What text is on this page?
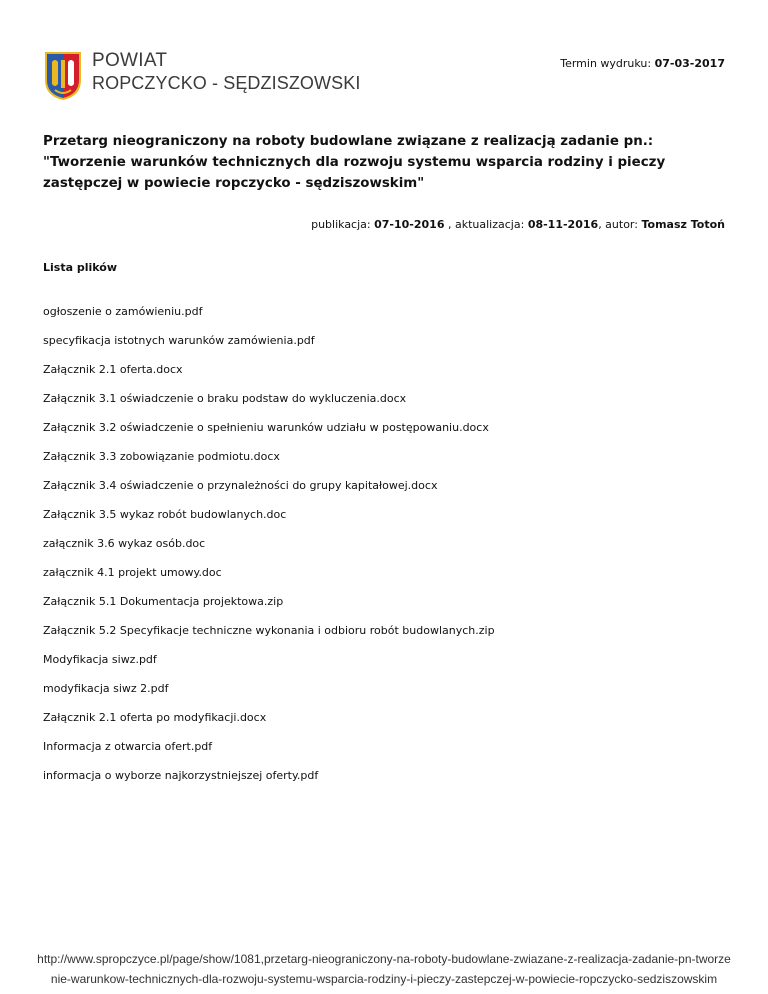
POWIAT
ROPCZYCKO - SĘDZISZOWSKI
Termin wydruku: 07-03-2017
Przetarg nieograniczony na roboty budowlane związane z realizacją zadanie pn.: "Tworzenie warunków technicznych dla rozwoju systemu wsparcia rodziny i pieczy zastępczej w powiecie ropczycko - sędziszowskim"
publikacja: 07-10-2016 , aktualizacja: 08-11-2016, autor: Tomasz Totoń
Lista plików
ogłoszenie o zamówieniu.pdf
specyfikacja istotnych warunków zamówienia.pdf
Załącznik 2.1 oferta.docx
Załącznik 3.1 oświadczenie o braku podstaw do wykluczenia.docx
Załącznik 3.2 oświadczenie o spełnieniu warunków udziału w postępowaniu.docx
Załącznik 3.3 zobowiązanie podmiotu.docx
Załącznik 3.4 oświadczenie o przynależności do grupy kapitałowej.docx
Załącznik 3.5 wykaz robót budowlanych.doc
załącznik 3.6 wykaz osób.doc
załącznik 4.1 projekt umowy.doc
Załącznik 5.1 Dokumentacja projektowa.zip
Załącznik 5.2 Specyfikacje techniczne wykonania i odbioru robót budowlanych.zip
Modyfikacja siwz.pdf
modyfikacja siwz 2.pdf
Załącznik 2.1 oferta po modyfikacji.docx
Informacja z otwarcia ofert.pdf
informacja o wyborze najkorzystniejszej oferty.pdf
http://www.spropczyce.pl/page/show/1081,przetarg-nieograniczony-na-roboty-budowlane-zwiazane-z-realizacja-zadanie-pn-tworzenie-warunkow-technicznych-dla-rozwoju-systemu-wsparcia-rodziny-i-pieczy-zastepczej-w-powiecie-ropczycko-sedziszowskim
